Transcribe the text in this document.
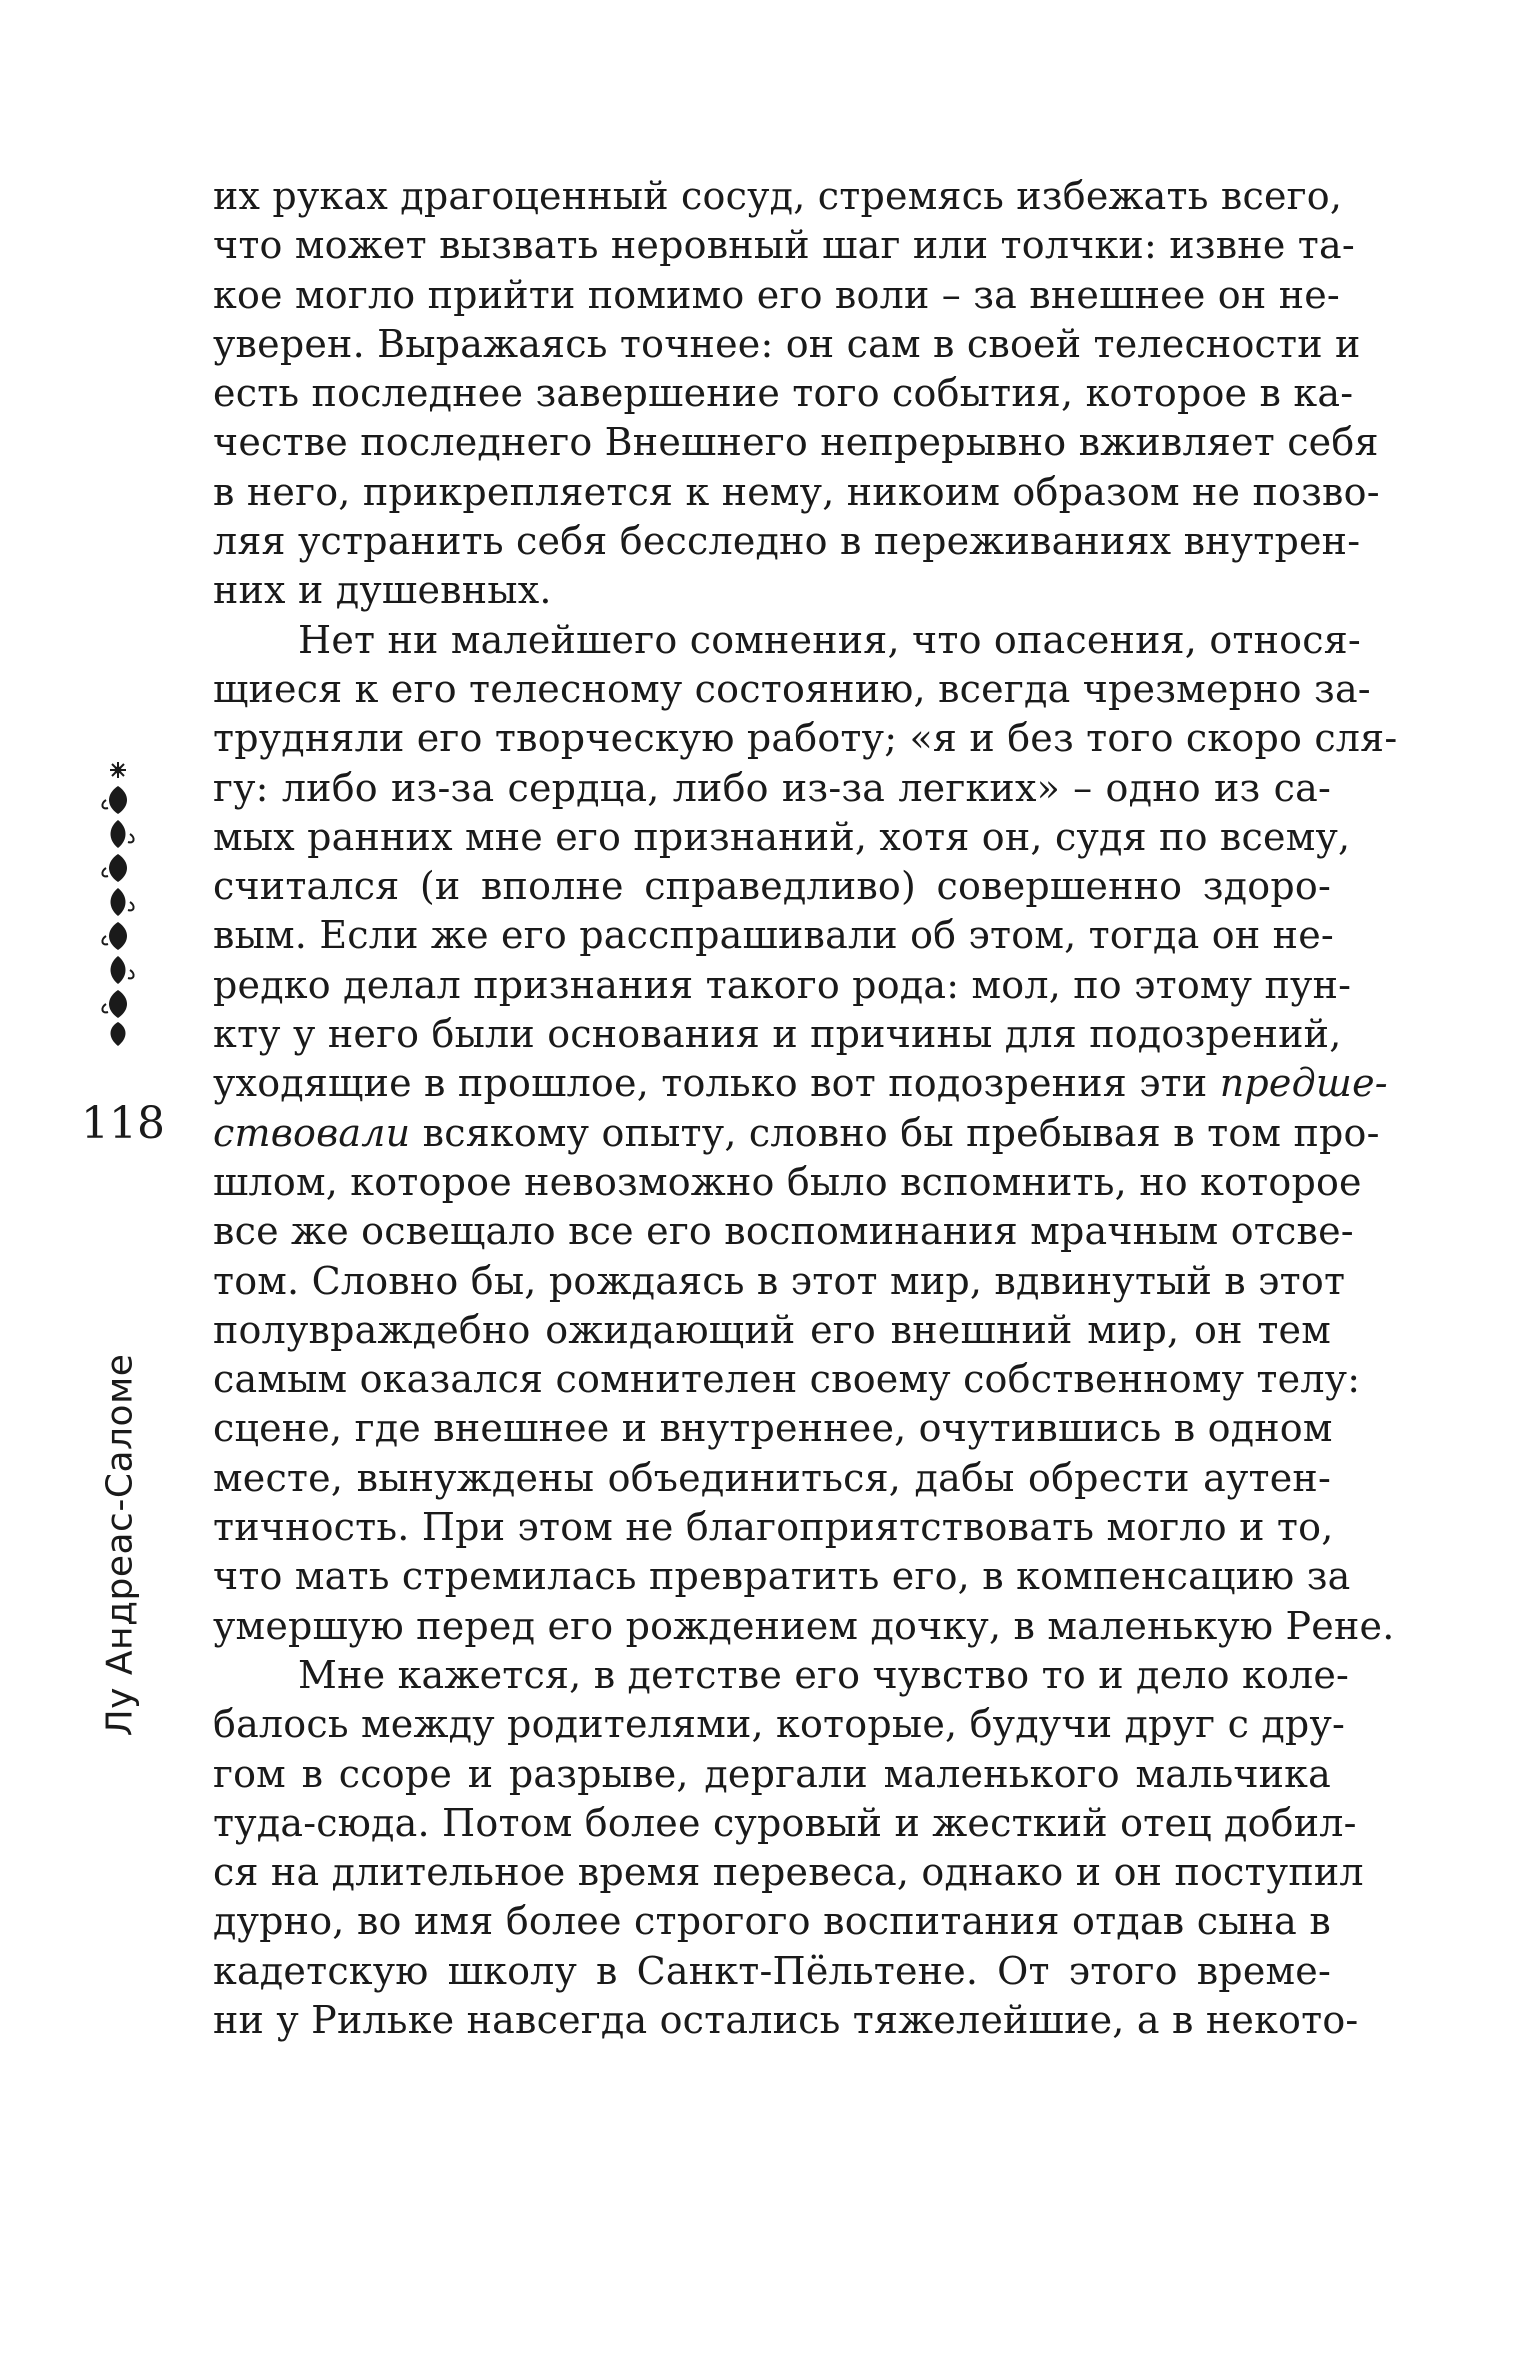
118
Лу Андреас-Саломе
их руках драгоценный сосуд, стремясь избежать всего,
что может вызвать неровный шаг или толчки: извне та-
кое могло прийти помимо его воли – за внешнее он не-
уверен. Выражаясь точнее: он сам в своей телесности и
есть последнее завершение того события, которое в ка-
честве последнего Внешнего непрерывно вживляет себя
в него, прикрепляется к нему, никоим образом не позво-
ляя устранить себя бесследно в переживаниях внутрен-
них и душевных.
Нет ни малейшего сомнения, что опасения, относя-
щиеся к его телесному состоянию, всегда чрезмерно за-
трудняли его творческую работу; «я и без того скоро сля-
гу: либо из-за сердца, либо из-за легких» – одно из са-
мых ранних мне его признаний, хотя он, судя по всему,
считался (и вполне справедливо) совершенно здоро-
вым. Если же его расспрашивали об этом, тогда он не-
редко делал признания такого рода: мол, по этому пун-
кту у него были основания и причины для подозрений,
уходящие в прошлое, только вот подозрения эти предше-
ствовали всякому опыту, словно бы пребывая в том про-
шлом, которое невозможно было вспомнить, но которое
все же освещало все его воспоминания мрачным отсве-
том. Словно бы, рождаясь в этот мир, вдвинутый в этот
полувраждебно ожидающий его внешний мир, он тем
самым оказался сомнителен своему собственному телу:
сцене, где внешнее и внутреннее, очутившись в одном
месте, вынуждены объединиться, дабы обрести аутен-
тичность. При этом не благоприятствовать могло и то,
что мать стремилась превратить его, в компенсацию за
умершую перед его рождением дочку, в маленькую Рене.
Мне кажется, в детстве его чувство то и дело коле-
балось между родителями, которые, будучи друг с дру-
гом в ссоре и разрыве, дергали маленького мальчика
туда-сюда. Потом более суровый и жесткий отец добил-
ся на длительное время перевеса, однако и он поступил
дурно, во имя более строгого воспитания отдав сына в
кадетскую школу в Санкт-Пёльтене. От этого време-
ни у Рильке навсегда остались тяжелейшие, а в некото-
